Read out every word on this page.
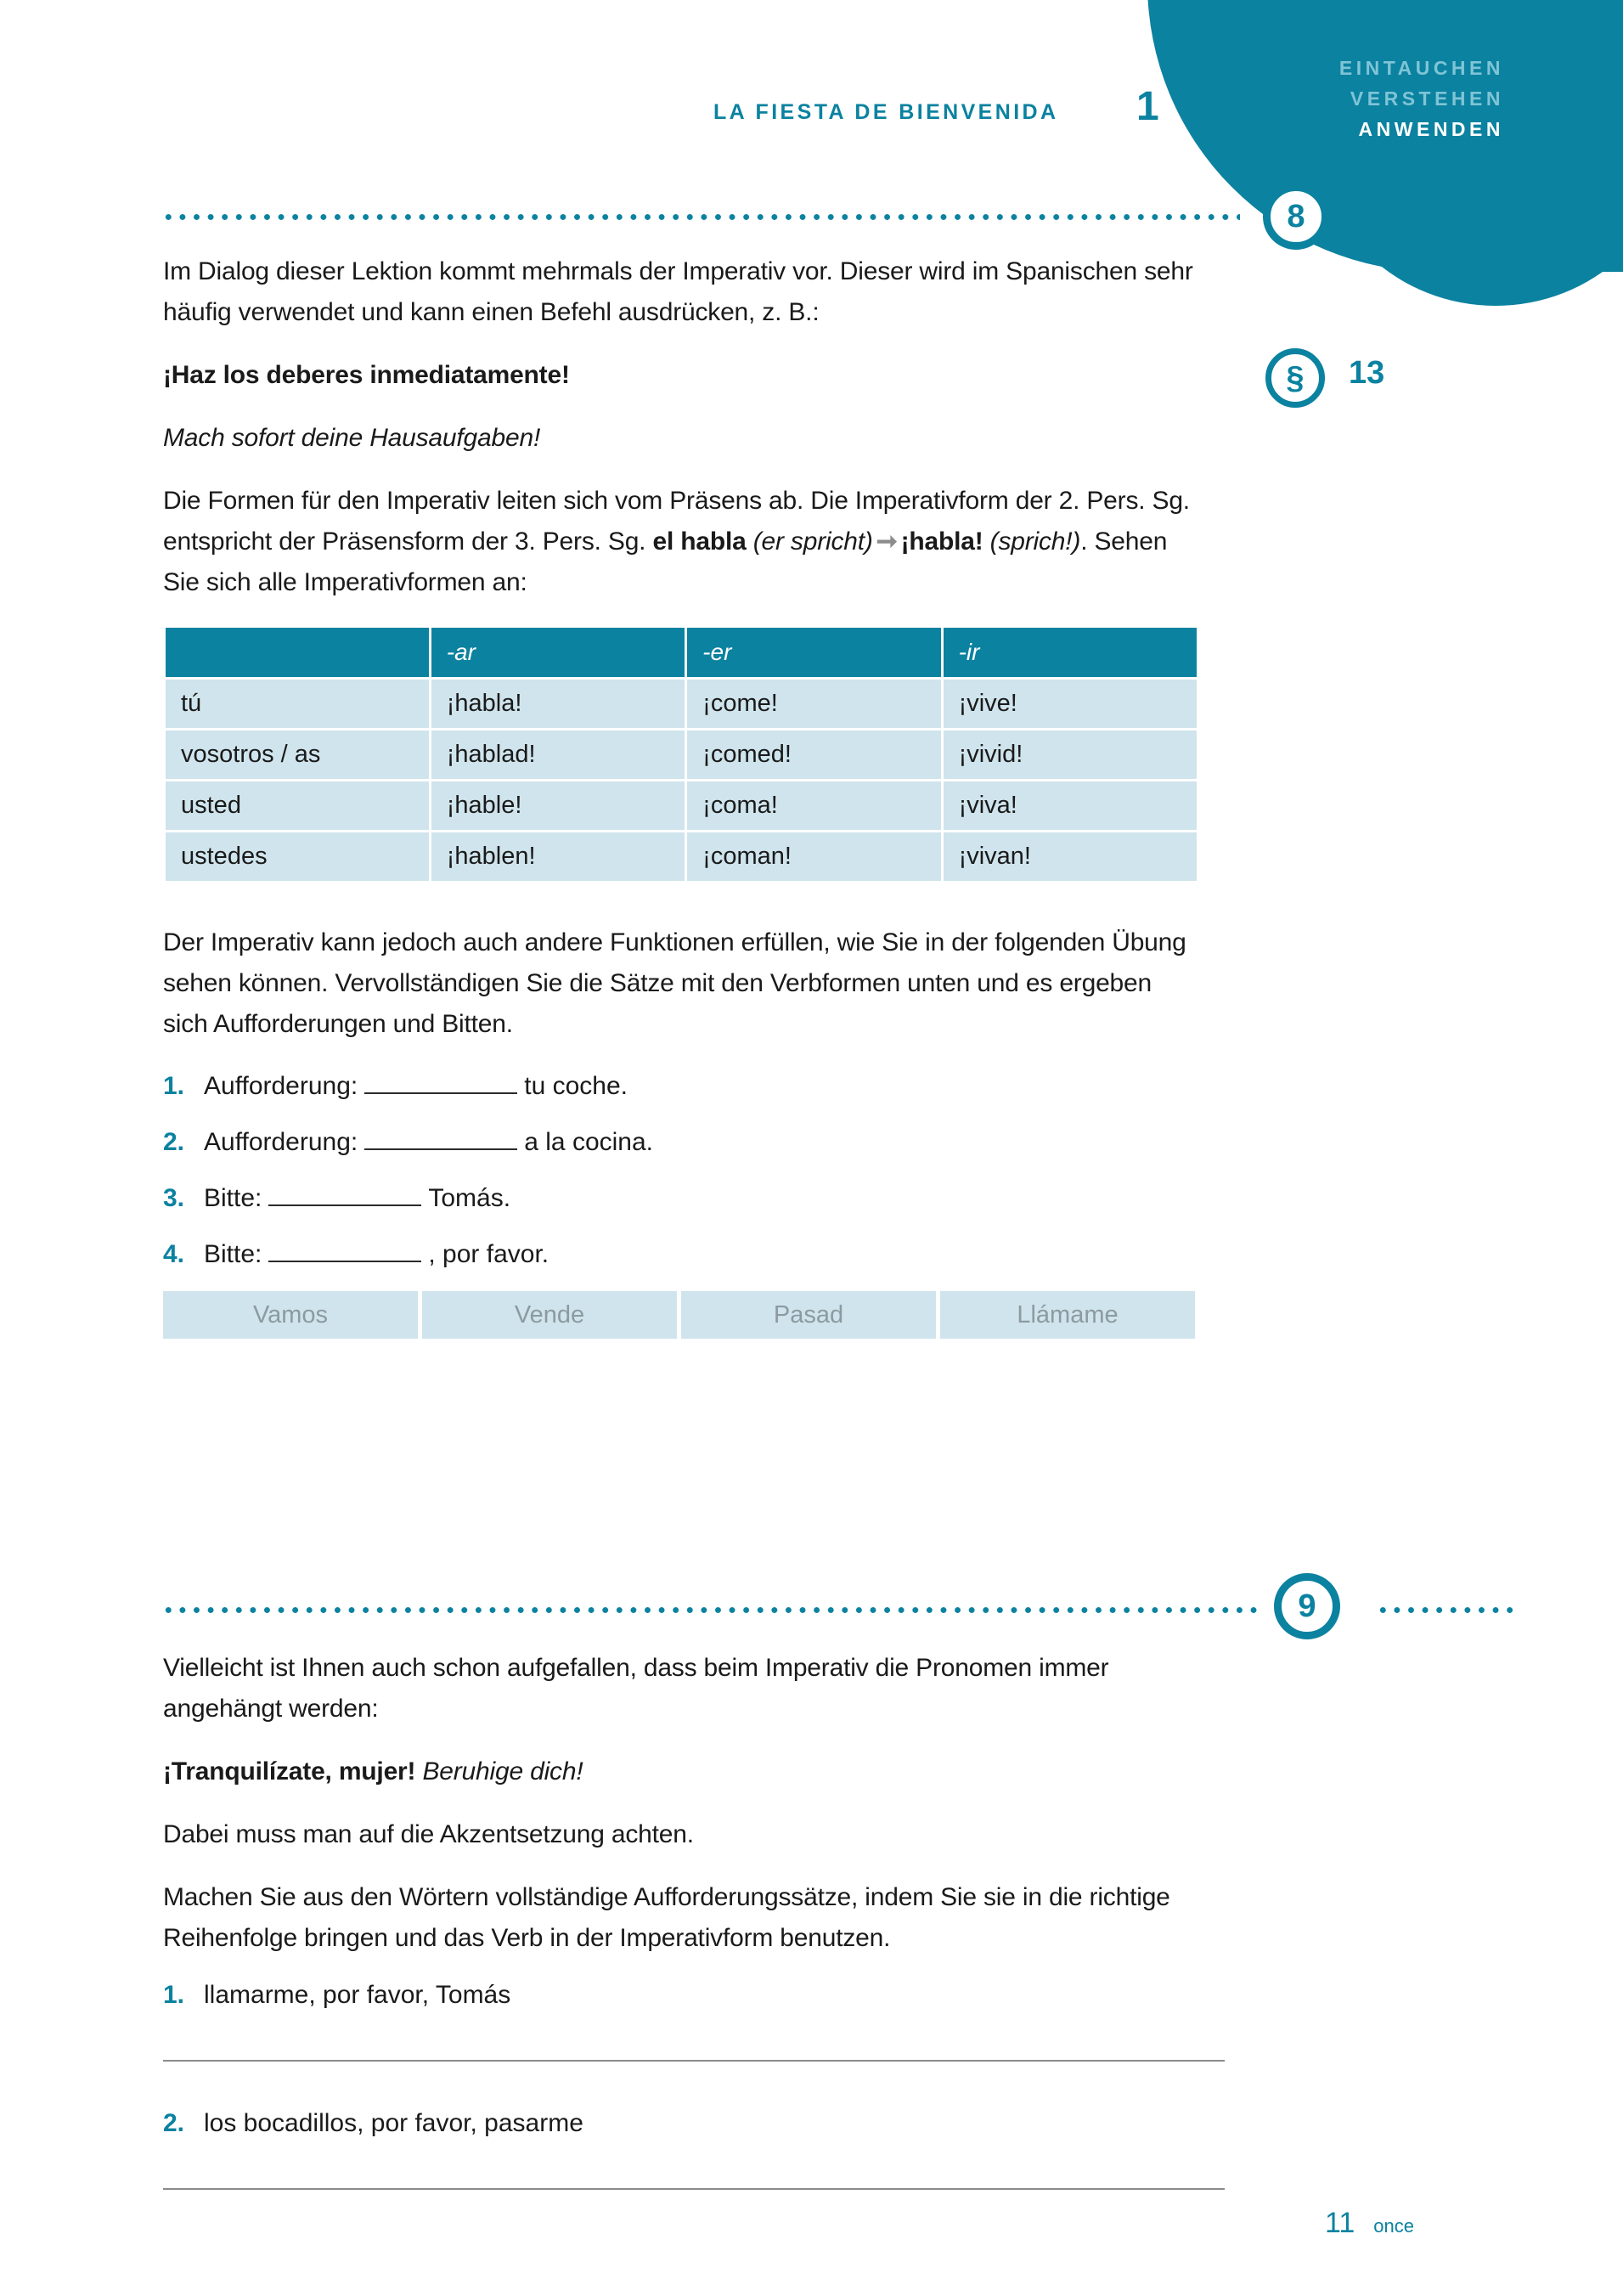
EINTAUCHEN
VERSTEHEN
ANWENDEN
LA FIESTA DE BIENVENIDA 1
8
§	13

Im Dialog dieser Lektion kommt mehrmals der Imperativ vor. Dieser wird im Spanischen sehr häufig verwendet und kann einen Befehl ausdrücken, z. B.:

¡Haz los deberes inmediatamente!

Mach sofort deine Hausaufgaben!

Die Formen für den Imperativ leiten sich vom Präsens ab. Die Imperativform der 2. Pers. Sg. entspricht der Präsensform der 3. Pers. Sg. el habla (er spricht) ➞ ¡habla! (sprich!). Sehen Sie sich alle Imperativformen an:

	-ar	-er	-ir
tú	¡habla!	¡come!	¡vive!
vosotros / as	¡hablad!	¡comed!	¡vivid!
usted	¡hable!	¡coma!	¡viva!
ustedes	¡hablen!	¡coman!	¡vivan!

Der Imperativ kann jedoch auch andere Funktionen erfüllen, wie Sie in der folgenden Übung sehen können. Vervollständigen Sie die Sätze mit den Verbformen unten und es ergeben sich Aufforderungen und Bitten.

1. Aufforderung:	tu coche.
2. Aufforderung:	a la cocina.
3. Bitte:	Tomás.
4. Bitte:	, por favor.
Vamos	Vende	Pasad	Llámame
9

Vielleicht ist Ihnen auch schon aufgefallen, dass beim Imperativ die Pronomen immer angehängt werden:

¡Tranquilízate, mujer! Beruhige dich!

Dabei muss man auf die Akzentsetzung achten.

Machen Sie aus den Wörtern vollständige Aufforderungssätze, indem Sie sie in die richtige Reihenfolge bringen und das Verb in der Imperativform benutzen.

1. llamarme, por favor, Tomás
2. los bocadillos, por favor, pasarme
11 once
